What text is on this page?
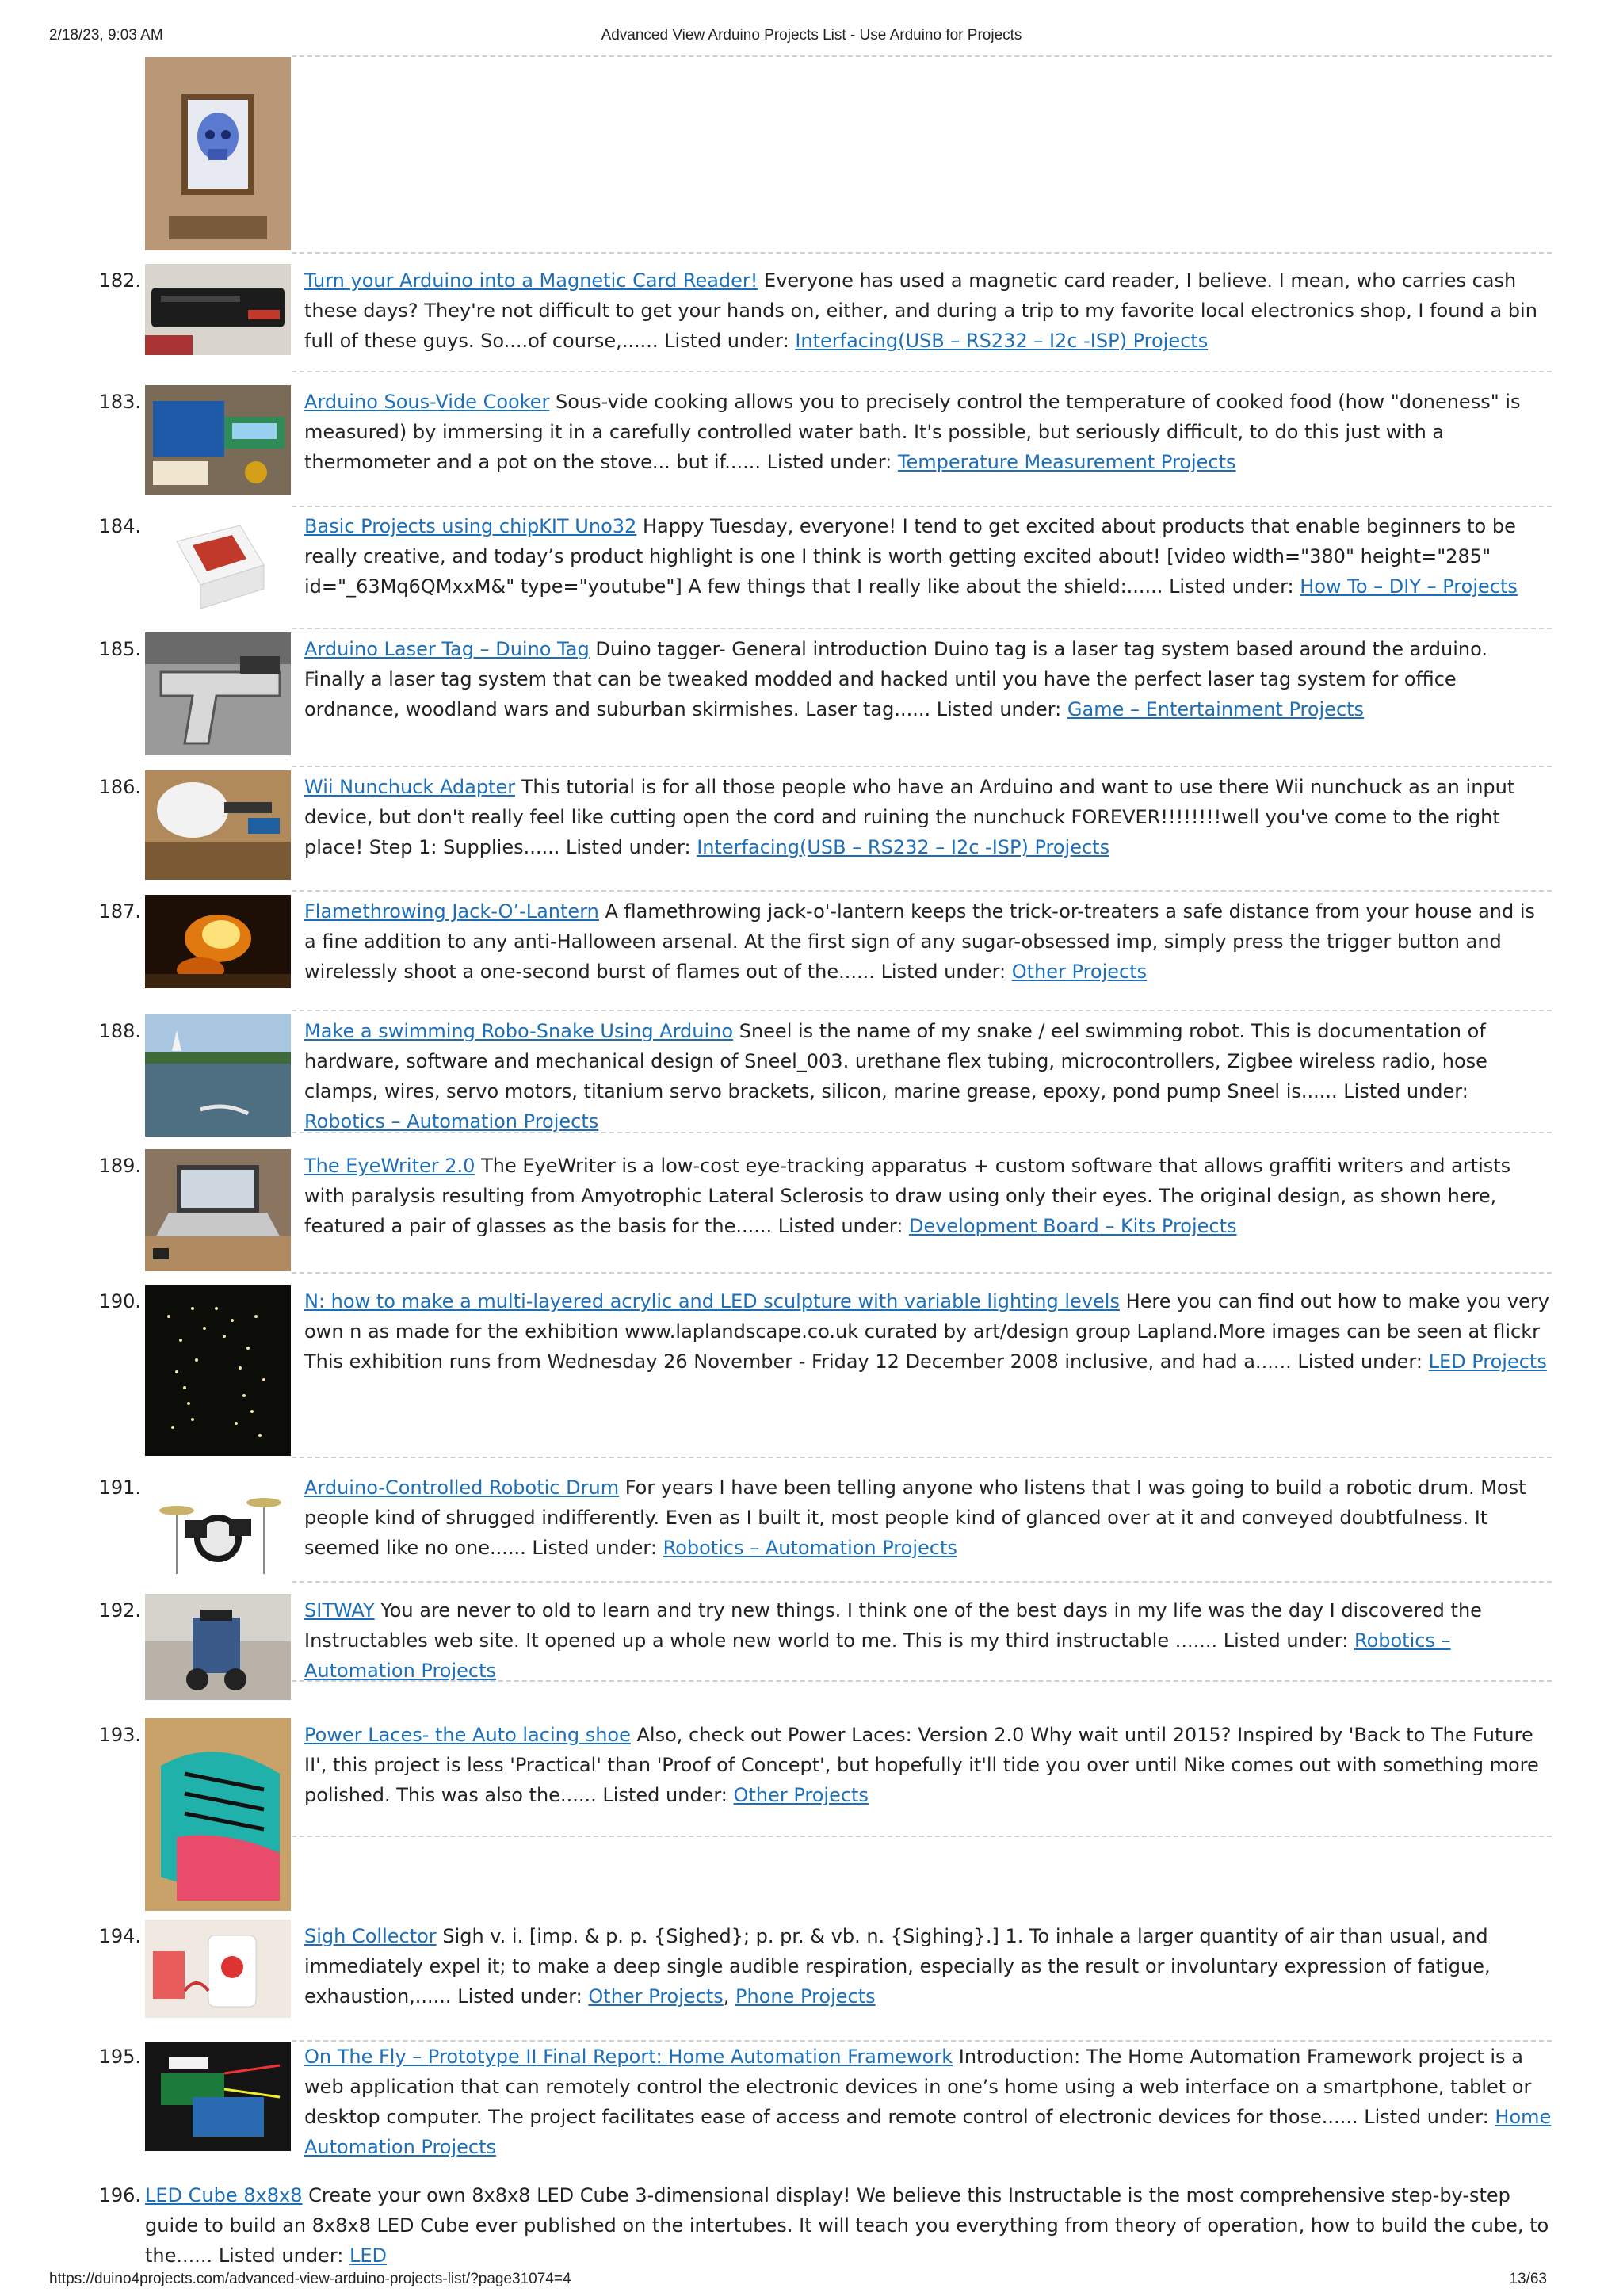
2/18/23, 9:03 AM	Advanced View Arduino Projects List - Use Arduino for Projects
182.	Turn your Arduino into a Magnetic Card Reader! Everyone has used a magnetic card reader, I believe. I mean, who carries cash these days? They're not difficult to get your hands on, either, and during a trip to my favorite local electronics shop, I found a bin full of these guys. So....of course,...... Listed under: Interfacing(USB – RS232 – I2c -ISP) Projects
183.	Arduino Sous-Vide Cooker Sous-vide cooking allows you to precisely control the temperature of cooked food (how "doneness" is measured) by immersing it in a carefully controlled water bath. It's possible, but seriously difficult, to do this just with a thermometer and a pot on the stove... but if...... Listed under: Temperature Measurement Projects
184.	Basic Projects using chipKIT Uno32 Happy Tuesday, everyone! I tend to get excited about products that enable beginners to be really creative, and today’s product highlight is one I think is worth getting excited about! [video width="380" height="285" id="_63Mq6QMxxM&" type="youtube"] A few things that I really like about the shield:...... Listed under: How To – DIY – Projects
185.	Arduino Laser Tag – Duino Tag Duino tagger- General introduction Duino tag is a laser tag system based around the arduino. Finally a laser tag system that can be tweaked modded and hacked until you have the perfect laser tag system for office ordnance, woodland wars and suburban skirmishes. Laser tag...... Listed under: Game – Entertainment Projects
186.	Wii Nunchuck Adapter This tutorial is for all those people who have an Arduino and want to use there Wii nunchuck as an input device, but don't really feel like cutting open the cord and ruining the nunchuck FOREVER!!!!!!!!well you've come to the right place! Step 1: Supplies...... Listed under: Interfacing(USB – RS232 – I2c -ISP) Projects
187.	Flamethrowing Jack-O’-Lantern A flamethrowing jack-o'-lantern keeps the trick-or-treaters a safe distance from your house and is a fine addition to any anti-Halloween arsenal. At the first sign of any sugar-obsessed imp, simply press the trigger button and wirelessly shoot a one-second burst of flames out of the...... Listed under: Other Projects
188.	Make a swimming Robo-Snake Using Arduino Sneel is the name of my snake / eel swimming robot. This is documentation of hardware, software and mechanical design of Sneel_003. urethane flex tubing, microcontrollers, Zigbee wireless radio, hose clamps, wires, servo motors, titanium servo brackets, silicon, marine grease, epoxy, pond pump Sneel is...... Listed under: Robotics – Automation Projects
189.	The EyeWriter 2.0 The EyeWriter is a low-cost eye-tracking apparatus + custom software that allows graffiti writers and artists with paralysis resulting from Amyotrophic Lateral Sclerosis to draw using only their eyes. The original design, as shown here, featured a pair of glasses as the basis for the...... Listed under: Development Board – Kits Projects
190.	N: how to make a multi-layered acrylic and LED sculpture with variable lighting levels Here you can find out how to make you very own n as made for the exhibition www.laplandscape.co.uk curated by art/design group Lapland.More images can be seen at flickr This exhibition runs from Wednesday 26 November - Friday 12 December 2008 inclusive, and had a...... Listed under: LED Projects
191.	Arduino-Controlled Robotic Drum For years I have been telling anyone who listens that I was going to build a robotic drum. Most people kind of shrugged indifferently. Even as I built it, most people kind of glanced over at it and conveyed doubtfulness. It seemed like no one...... Listed under: Robotics – Automation Projects
192.	SITWAY You are never to old to learn and try new things. I think one of the best days in my life was the day I discovered the Instructables web site. It opened up a whole new world to me. This is my third instructable ....... Listed under: Robotics – Automation Projects
193.	Power Laces- the Auto lacing shoe Also, check out Power Laces: Version 2.0 Why wait until 2015? Inspired by 'Back to The Future II', this project is less 'Practical' than 'Proof of Concept', but hopefully it'll tide you over until Nike comes out with something more polished. This was also the...... Listed under: Other Projects
194.	Sigh Collector Sigh v. i. [imp. & p. p. {Sighed}; p. pr. & vb. n. {Sighing}.] 1. To inhale a larger quantity of air than usual, and immediately expel it; to make a deep single audible respiration, especially as the result or involuntary expression of fatigue, exhaustion,...... Listed under: Other Projects, Phone Projects
195.	On The Fly – Prototype II Final Report: Home Automation Framework Introduction: The Home Automation Framework project is a web application that can remotely control the electronic devices in one’s home using a web interface on a smartphone, tablet or desktop computer. The project facilitates ease of access and remote control of electronic devices for those...... Listed under: Home Automation Projects
196. LED Cube 8x8x8 Create your own 8x8x8 LED Cube 3-dimensional display! We believe this Instructable is the most comprehensive step-by-step guide to build an 8x8x8 LED Cube ever published on the intertubes. It will teach you everything from theory of operation, how to build the cube, to the...... Listed under: LED
https://duino4projects.com/advanced-view-arduino-projects-list/?page31074=4	13/63
